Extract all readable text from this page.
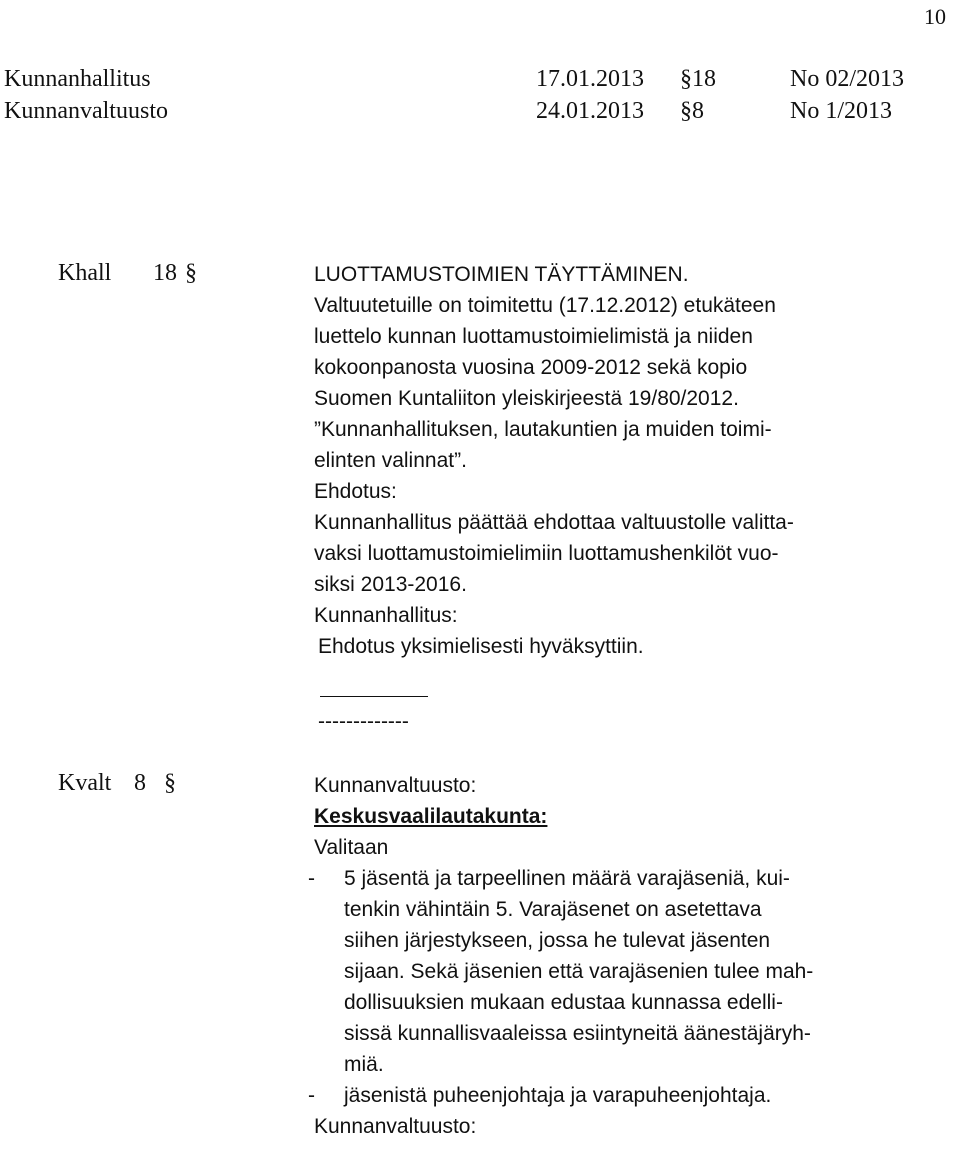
10
Kunnanhallitus	17.01.2013 §18	No 02/2013
Kunnanvaltuusto	24.01.2013 §8	No 1/2013
Khall 18 §	LUOTTAMUSTOIMIEN TÄYTTÄMINEN.

Valtuutetuille on toimitettu (17.12.2012) etukäteen

luettelo kunnan luottamustoimielimistä ja niiden

kokoonpanosta vuosina 2009-2012 sekä kopio

Suomen Kuntaliiton yleiskirjeestä 19/80/2012.

”Kunnanhallituksen, lautakuntien ja muiden toimi-

elinten valinnat”.

Ehdotus:

Kunnanhallitus päättää ehdottaa valtuustolle valitta-

vaksi luottamustoimielimiin luottamushenkilöt vuo-

siksi 2013-2016.

Kunnanhallitus:

Ehdotus yksimielisesti hyväksyttiin.

-------------
Kvalt 8 §	Kunnanvaltuusto:

Keskusvaalilautakunta:

Valitaan

- 5 jäsentä ja tarpeellinen määrä varajäseniä, kui-

tenkin vähintäin 5. Varajäsenet on asetettava

siihen järjestykseen, jossa he tulevat jäsenten

sijaan. Sekä jäsenien että varajäsenien tulee mah-

dollisuuksien mukaan edustaa kunnassa edelli-

sissä kunnallisvaaleissa esiintyneitä äänestäjäryh-

miä.

- jäsenistä puheenjohtaja ja varapuheenjohtaja.

Kunnanvaltuusto:
